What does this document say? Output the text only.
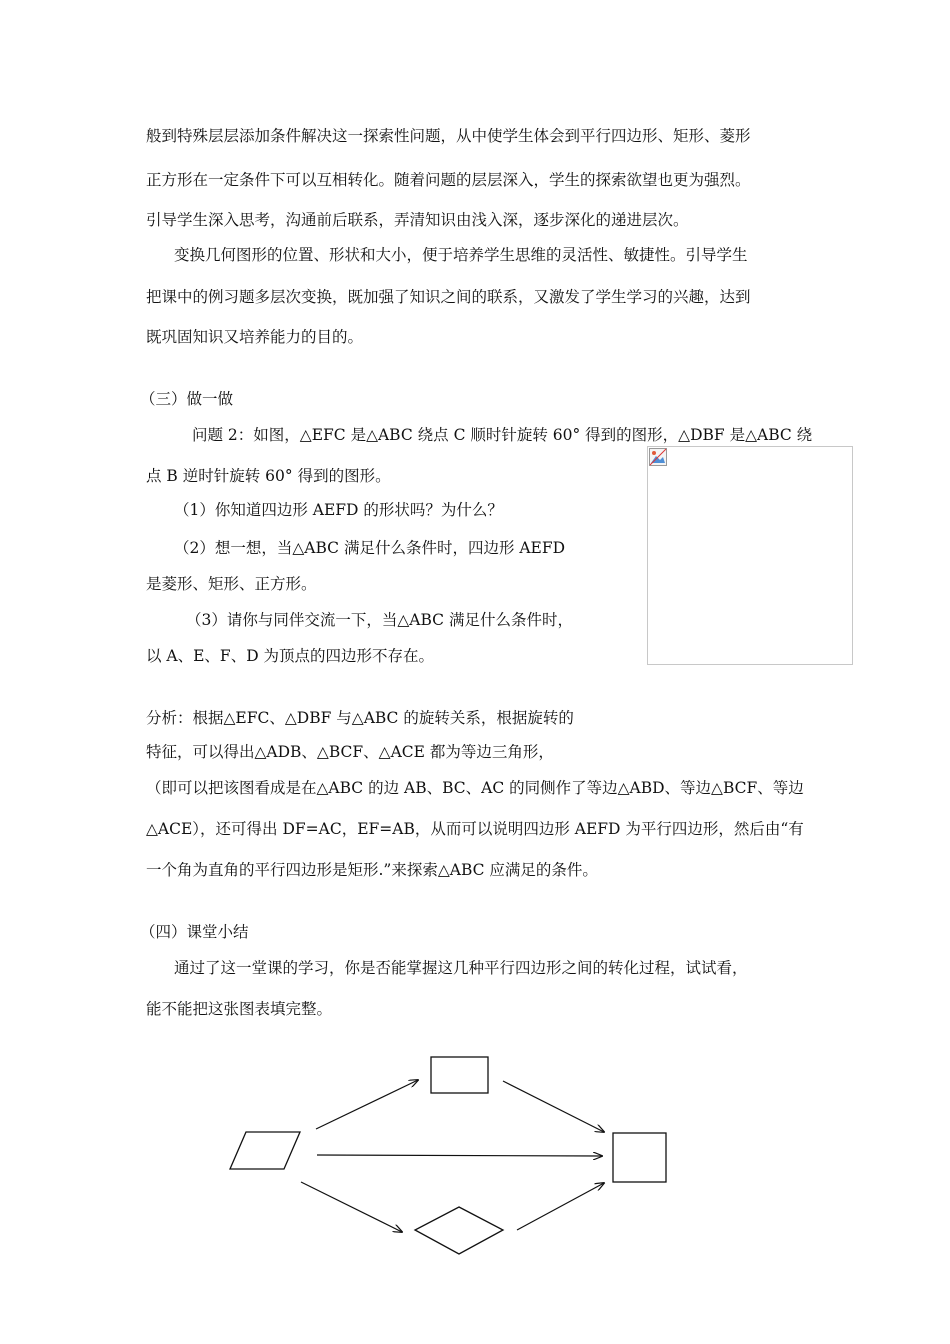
般到特殊层层添加条件解决这一探索性问题，从中使学生体会到平行四边形、矩形、菱形
正方形在一定条件下可以互相转化。随着问题的层层深入，学生的探索欲望也更为强烈。
引导学生深入思考，沟通前后联系，弄清知识由浅入深，逐步深化的递进层次。
变换几何图形的位置、形状和大小，便于培养学生思维的灵活性、敏捷性。引导学生
把课中的例习题多层次变换，既加强了知识之间的联系，又激发了学生学习的兴趣，达到
既巩固知识又培养能力的目的。
（三）做一做
问题 2：如图，△EFC 是△ABC 绕点 C 顺时针旋转 60° 得到的图形，△DBF 是△ABC 绕
点 B 逆时针旋转 60° 得到的图形。
（1）你知道四边形 AEFD 的形状吗？为什么？
（2）想一想，当△ABC 满足什么条件时，四边形 AEFD
是菱形、矩形、正方形。
（3）请你与同伴交流一下，当△ABC 满足什么条件时，
以 A、E、F、D 为顶点的四边形不存在。
分析：根据△EFC、△DBF 与△ABC 的旋转关系，根据旋转的
特征，可以得出△ADB、△BCF、△ACE 都为等边三角形，
（即可以把该图看成是在△ABC 的边 AB、BC、AC 的同侧作了等边△ABD、等边△BCF、等边
△ACE），还可得出 DF=AC，EF=AB，从而可以说明四边形 AEFD 为平行四边形，然后由“有
一个角为直角的平行四边形是矩形.”来探索△ABC 应满足的条件。
（四）课堂小结
通过了这一堂课的学习，你是否能掌握这几种平行四边形之间的转化过程，试试看，
能不能把这张图表填完整。
